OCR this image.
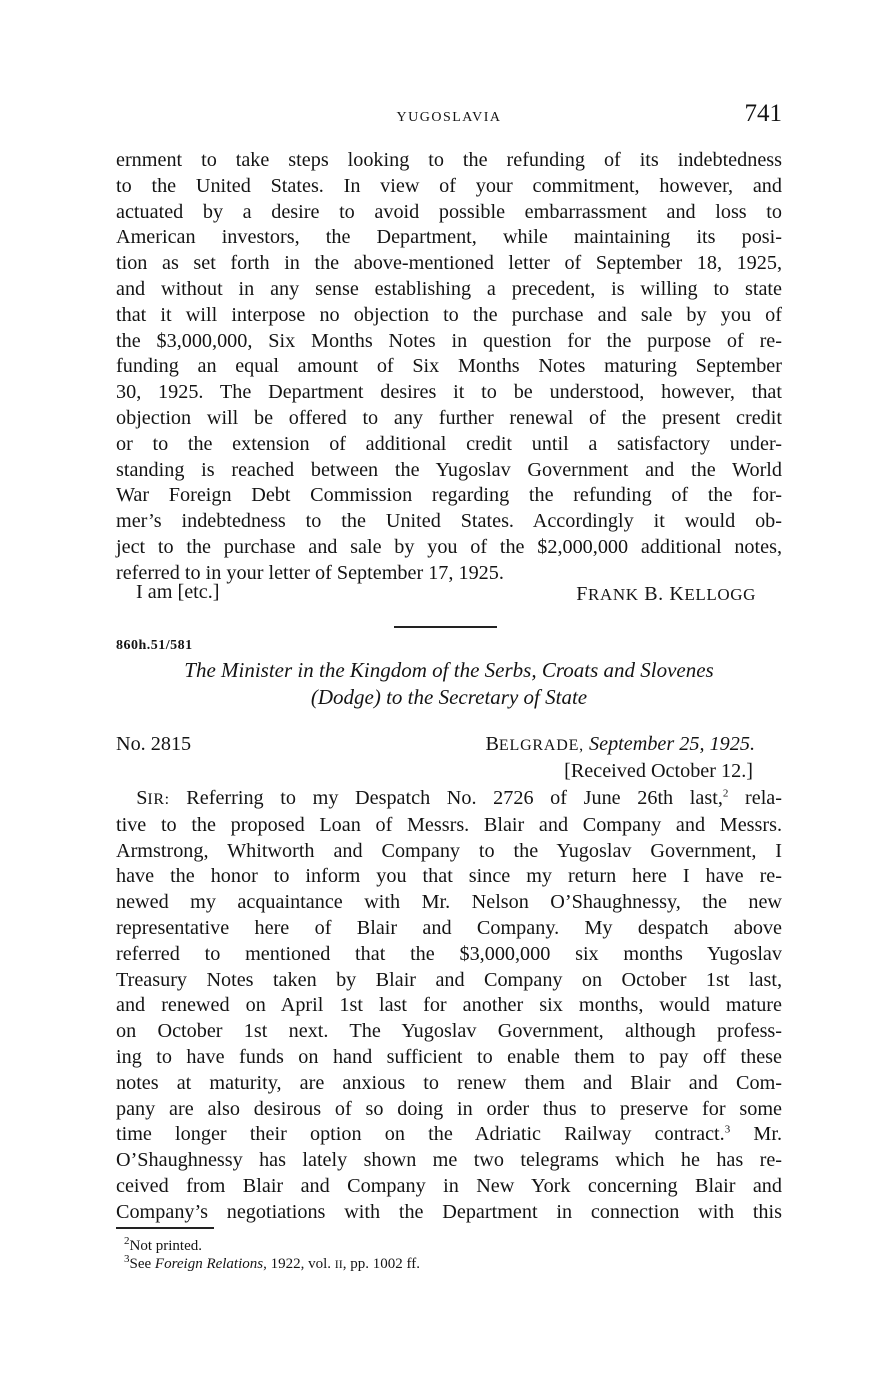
YUGOSLAVIA	741
ernment to take steps looking to the refunding of its indebtedness
to the United States. In view of your commitment, however, and
actuated by a desire to avoid possible embarrassment and loss to
American investors, the Department, while maintaining its posi-
tion as set forth in the above-mentioned letter of September 18, 1925,
and without in any sense establishing a precedent, is willing to state
that it will interpose no objection to the purchase and sale by you of
the $3,000,000, Six Months Notes in question for the purpose of re-
funding an equal amount of Six Months Notes maturing September
30, 1925. The Department desires it to be understood, however, that
objection will be offered to any further renewal of the present credit
or to the extension of additional credit until a satisfactory under-
standing is reached between the Yugoslav Government and the World
War Foreign Debt Commission regarding the refunding of the for-
mer’s indebtedness to the United States. Accordingly it would ob-
ject to the purchase and sale by you of the $2,000,000 additional notes,
referred to in your letter of September 17, 1925.
I am [etc.]	FRANK B. KELLOGG
860h.51/581
The Minister in the Kingdom of the Serbs, Croats and Slovenes
(Dodge) to the Secretary of State
No. 2815	BELGRADE, September 25, 1925.
[Received October 12.]
 SIR: Referring to my Despatch No. 2726 of June 26th last,$^2$ rela-
tive to the proposed Loan of Messrs. Blair and Company and Messrs.
Armstrong, Whitworth and Company to the Yugoslav Government, I
have the honor to inform you that since my return here I have re-
newed my acquaintance with Mr. Nelson O’Shaughnessy, the new
representative here of Blair and Company. My despatch above
referred to mentioned that the $3,000,000 six months Yugoslav
Treasury Notes taken by Blair and Company on October 1st last,
and renewed on April 1st last for another six months, would mature
on October 1st next. The Yugoslav Government, although profess-
ing to have funds on hand sufficient to enable them to pay off these
notes at maturity, are anxious to renew them and Blair and Com-
pany are also desirous of so doing in order thus to preserve for some
time longer their option on the Adriatic Railway contract.$^3$ Mr.
O’Shaughnessy has lately shown me two telegrams which he has re-
ceived from Blair and Company in New York concerning Blair and
Company’s negotiations with the Department in connection with this
$^2$Not printed.
$^3$See Foreign Relations, 1922, vol. II, pp. 1002 ff.
